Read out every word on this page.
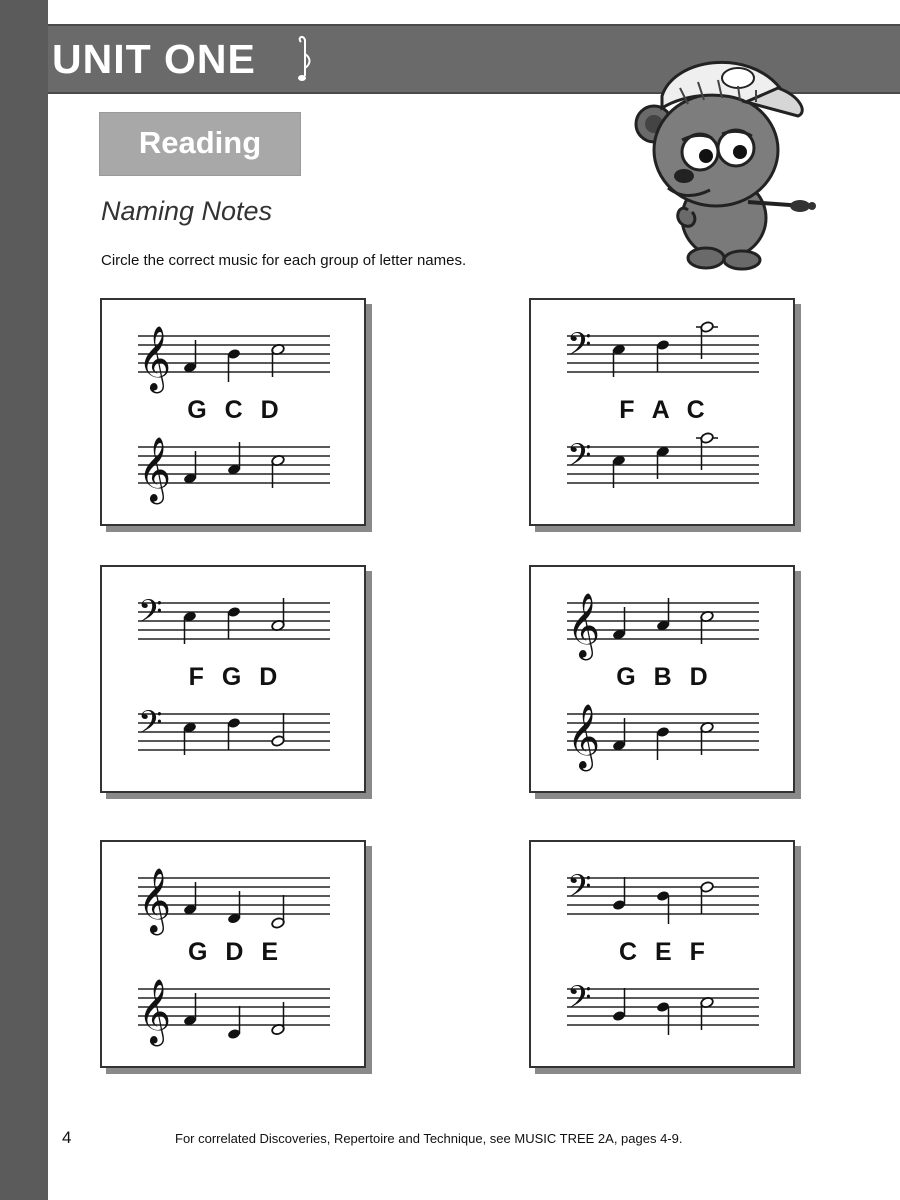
UNIT ONE
Reading
Naming Notes
Circle the correct music for each group of letter names.
𝄞
G C D
𝄞
𝄢
F A C
𝄢
𝄢
F G D
𝄢
𝄞
G B D
𝄞
𝄞
G D E
𝄞
𝄢
C E F
𝄢
4	For correlated Discoveries, Repertoire and Technique, see MUSIC TREE 2A, pages 4-9.
